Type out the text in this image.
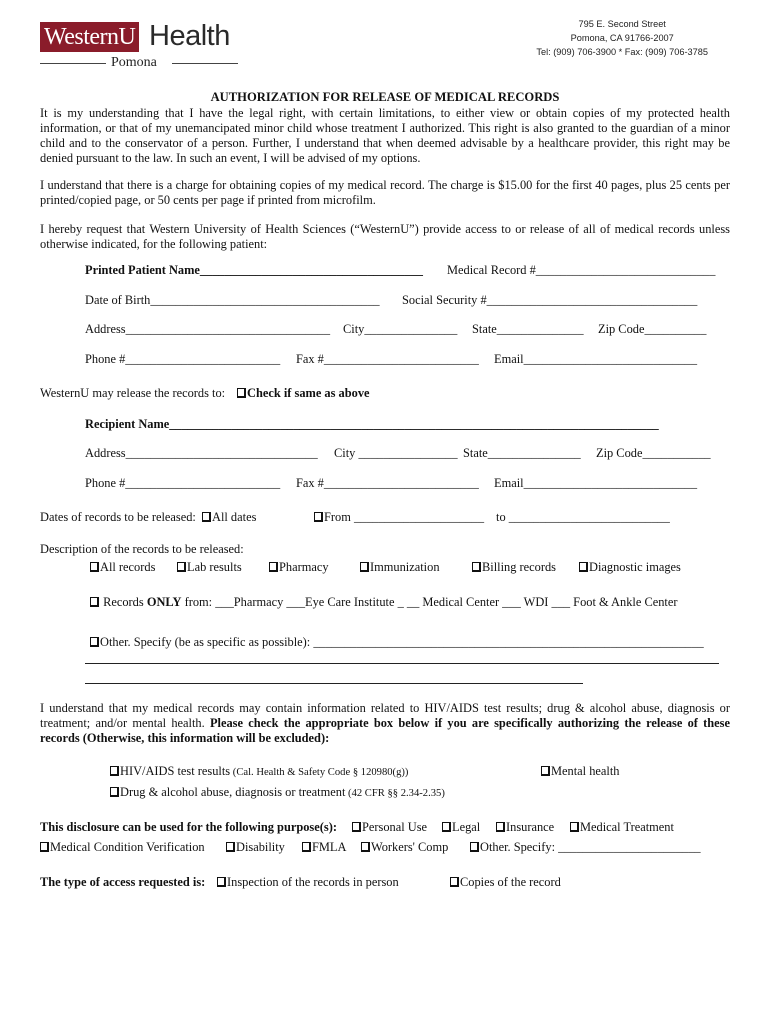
WesternU Health
Pomona
795 E. Second Street
Pomona, CA 91766-2007
Tel: (909) 706-3900 * Fax: (909) 706-3785
AUTHORIZATION FOR RELEASE OF MEDICAL RECORDS
It is my understanding that I have the legal right, with certain limitations, to either view or obtain copies of my protected health information, or that of my unemancipated minor child whose treatment I authorized. This right is also granted to the guardian of a minor child and to the conservator of a person. Further, I understand that when deemed advisable by a healthcare provider, this right may be denied pursuant to the law. In such an event, I will be advised of my options.
I understand that there is a charge for obtaining copies of my medical record. The charge is $15.00 for the first 40 pages, plus 25 cents per printed/copied page, or 50 cents per page if printed from microfilm.
I hereby request that Western University of Health Sciences (“WesternU”) provide access to or release of all of medical records unless otherwise indicated, for the following patient:
Printed Patient Name____________________________________ Medical Record #_____________________________
Date of Birth_____________________________________ Social Security #__________________________________
Address_________________________________ City_______________ State______________ Zip Code__________
Phone #_________________________ Fax #_________________________ Email____________________________
WesternU may release the records to:	Check if same as above
Recipient Name_______________________________________________________________________________
Address_______________________________ City ________________ State_______________ Zip Code___________
Phone #_________________________ Fax #_________________________ Email____________________________
Dates of records to be released:	All dates	From _____________________ to __________________________
Description of the records to be released:
All records	Lab results	Pharmacy	Immunization	Billing records	Diagnostic images
Records ONLY from: ___Pharmacy ___Eye Care Institute _ __ Medical Center ___ WDI ___ Foot & Ankle Center
Other. Specify (be as specific as possible): _______________________________________________________________
I understand that my medical records may contain information related to HIV/AIDS test results; drug & alcohol abuse, diagnosis or treatment; and/or mental health. Please check the appropriate box below if you are specifically authorizing the release of these records (Otherwise, this information will be excluded):
HIV/AIDS test results (Cal. Health & Safety Code § 120980(g))	Mental health
Drug & alcohol abuse, diagnosis or treatment (42 CFR §§ 2.34-2.35)
This disclosure can be used for the following purpose(s):	Personal Use	Legal	Insurance	Medical Treatment
Medical Condition Verification	Disability	FMLA	Workers' Comp	Other. Specify: _______________________
The type of access requested is:	Inspection of the records in person	Copies of the record
